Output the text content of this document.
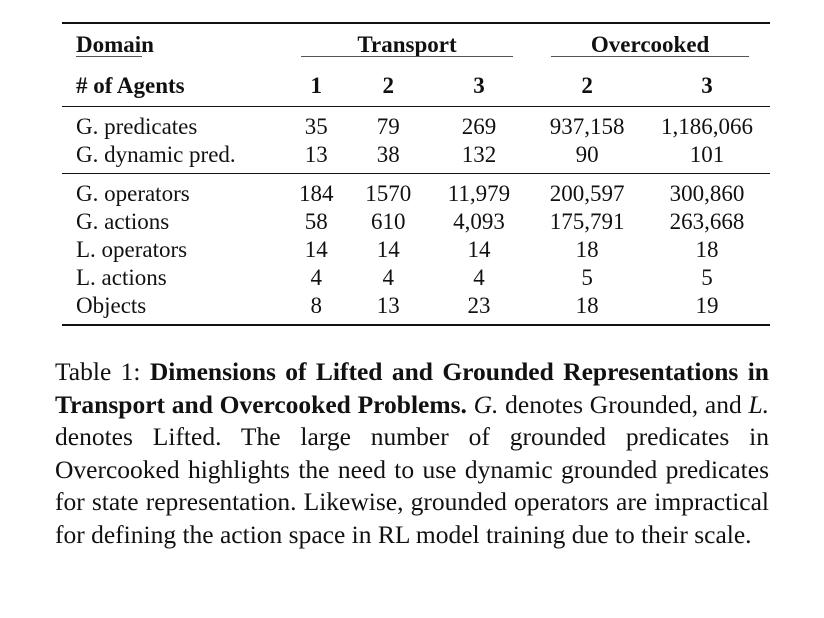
Domain	Transport			Overcooked	
# of Agents	1	2	3	2	3
G. predicates	35	79	269	937,158	1,186,066
G. dynamic pred.	13	38	132	90	101
G. operators	184	1570	11,979	200,597	300,860
G. actions	58	610	4,093	175,791	263,668
L. operators	14	14	14	18	18
L. actions	4	4	4	5	5
Objects	8	13	23	18	19
Table 1: Dimensions of Lifted and Grounded Representations in Transport and Overcooked Problems. G. denotes Grounded, and L. denotes Lifted. The large number of grounded predicates in Overcooked highlights the need to use dynamic grounded predicates for state representation. Likewise, grounded operators are impractical for defining the action space in RL model training due to their scale.
